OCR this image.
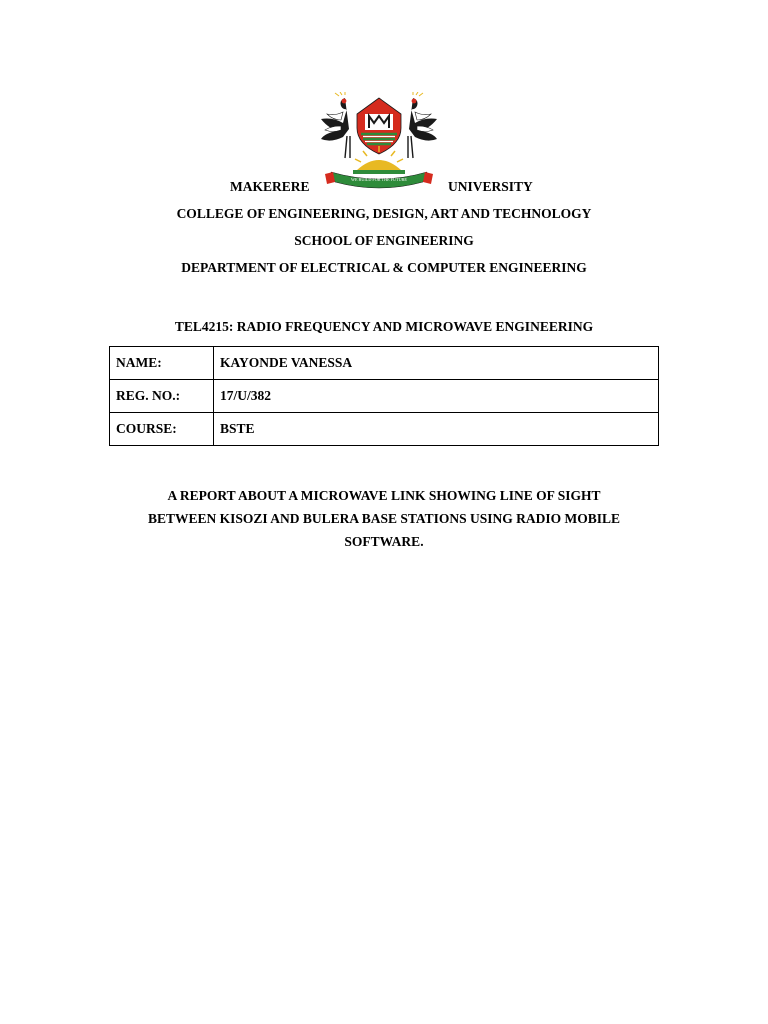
WE BUILD FOR THE FUTURE
MAKERERE	UNIVERSITY
COLLEGE OF ENGINEERING, DESIGN, ART AND TECHNOLOGY
SCHOOL OF ENGINEERING
DEPARTMENT OF ELECTRICAL & COMPUTER ENGINEERING
TEL4215: RADIO FREQUENCY AND MICROWAVE ENGINEERING
NAME:	KAYONDE VANESSA
REG. NO.:	17/U/382
COURSE:	BSTE
A REPORT ABOUT A MICROWAVE LINK SHOWING LINE OF SIGHT
BETWEEN KISOZI AND BULERA BASE STATIONS USING RADIO MOBILE
SOFTWARE.
